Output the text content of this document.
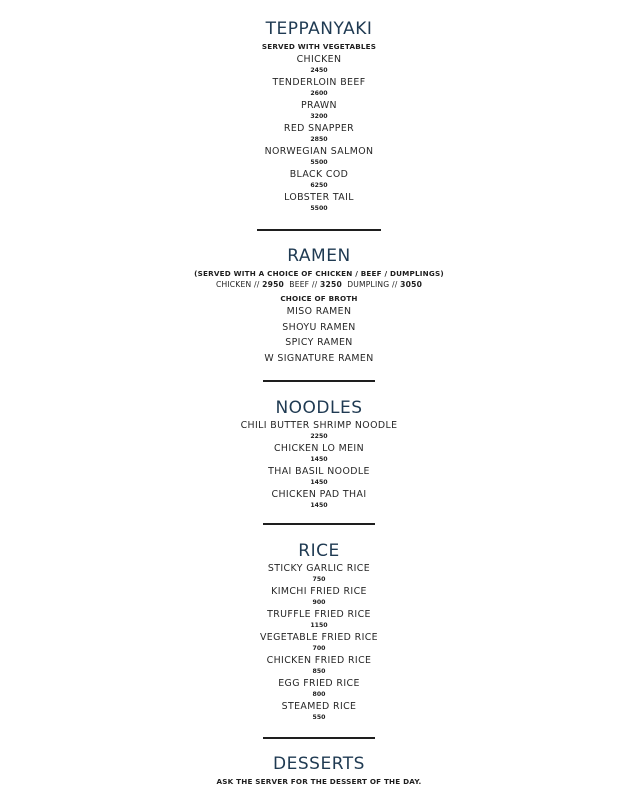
TEPPANYAKI
SERVED WITH VEGETABLES
CHICKEN
2450
TENDERLOIN BEEF
2600
PRAWN
3200
RED SNAPPER
2850
NORWEGIAN SALMON
5500
BLACK COD
6250
LOBSTER TAIL
5500
RAMEN
(SERVED WITH A CHOICE OF CHICKEN / BEEF / DUMPLINGS)
CHICKEN // 2950 BEEF // 3250 DUMPLING // 3050
CHOICE OF BROTH
MISO RAMEN
SHOYU RAMEN
SPICY RAMEN
W SIGNATURE RAMEN
NOODLES
CHILI BUTTER SHRIMP NOODLE
2250
CHICKEN LO MEIN
1450
THAI BASIL NOODLE
1450
CHICKEN PAD THAI
1450
RICE
STICKY GARLIC RICE
750
KIMCHI FRIED RICE
900
TRUFFLE FRIED RICE
1150
VEGETABLE FRIED RICE
700
CHICKEN FRIED RICE
850
EGG FRIED RICE
800
STEAMED RICE
550
DESSERTS
ASK THE SERVER FOR THE DESSERT OF THE DAY.
